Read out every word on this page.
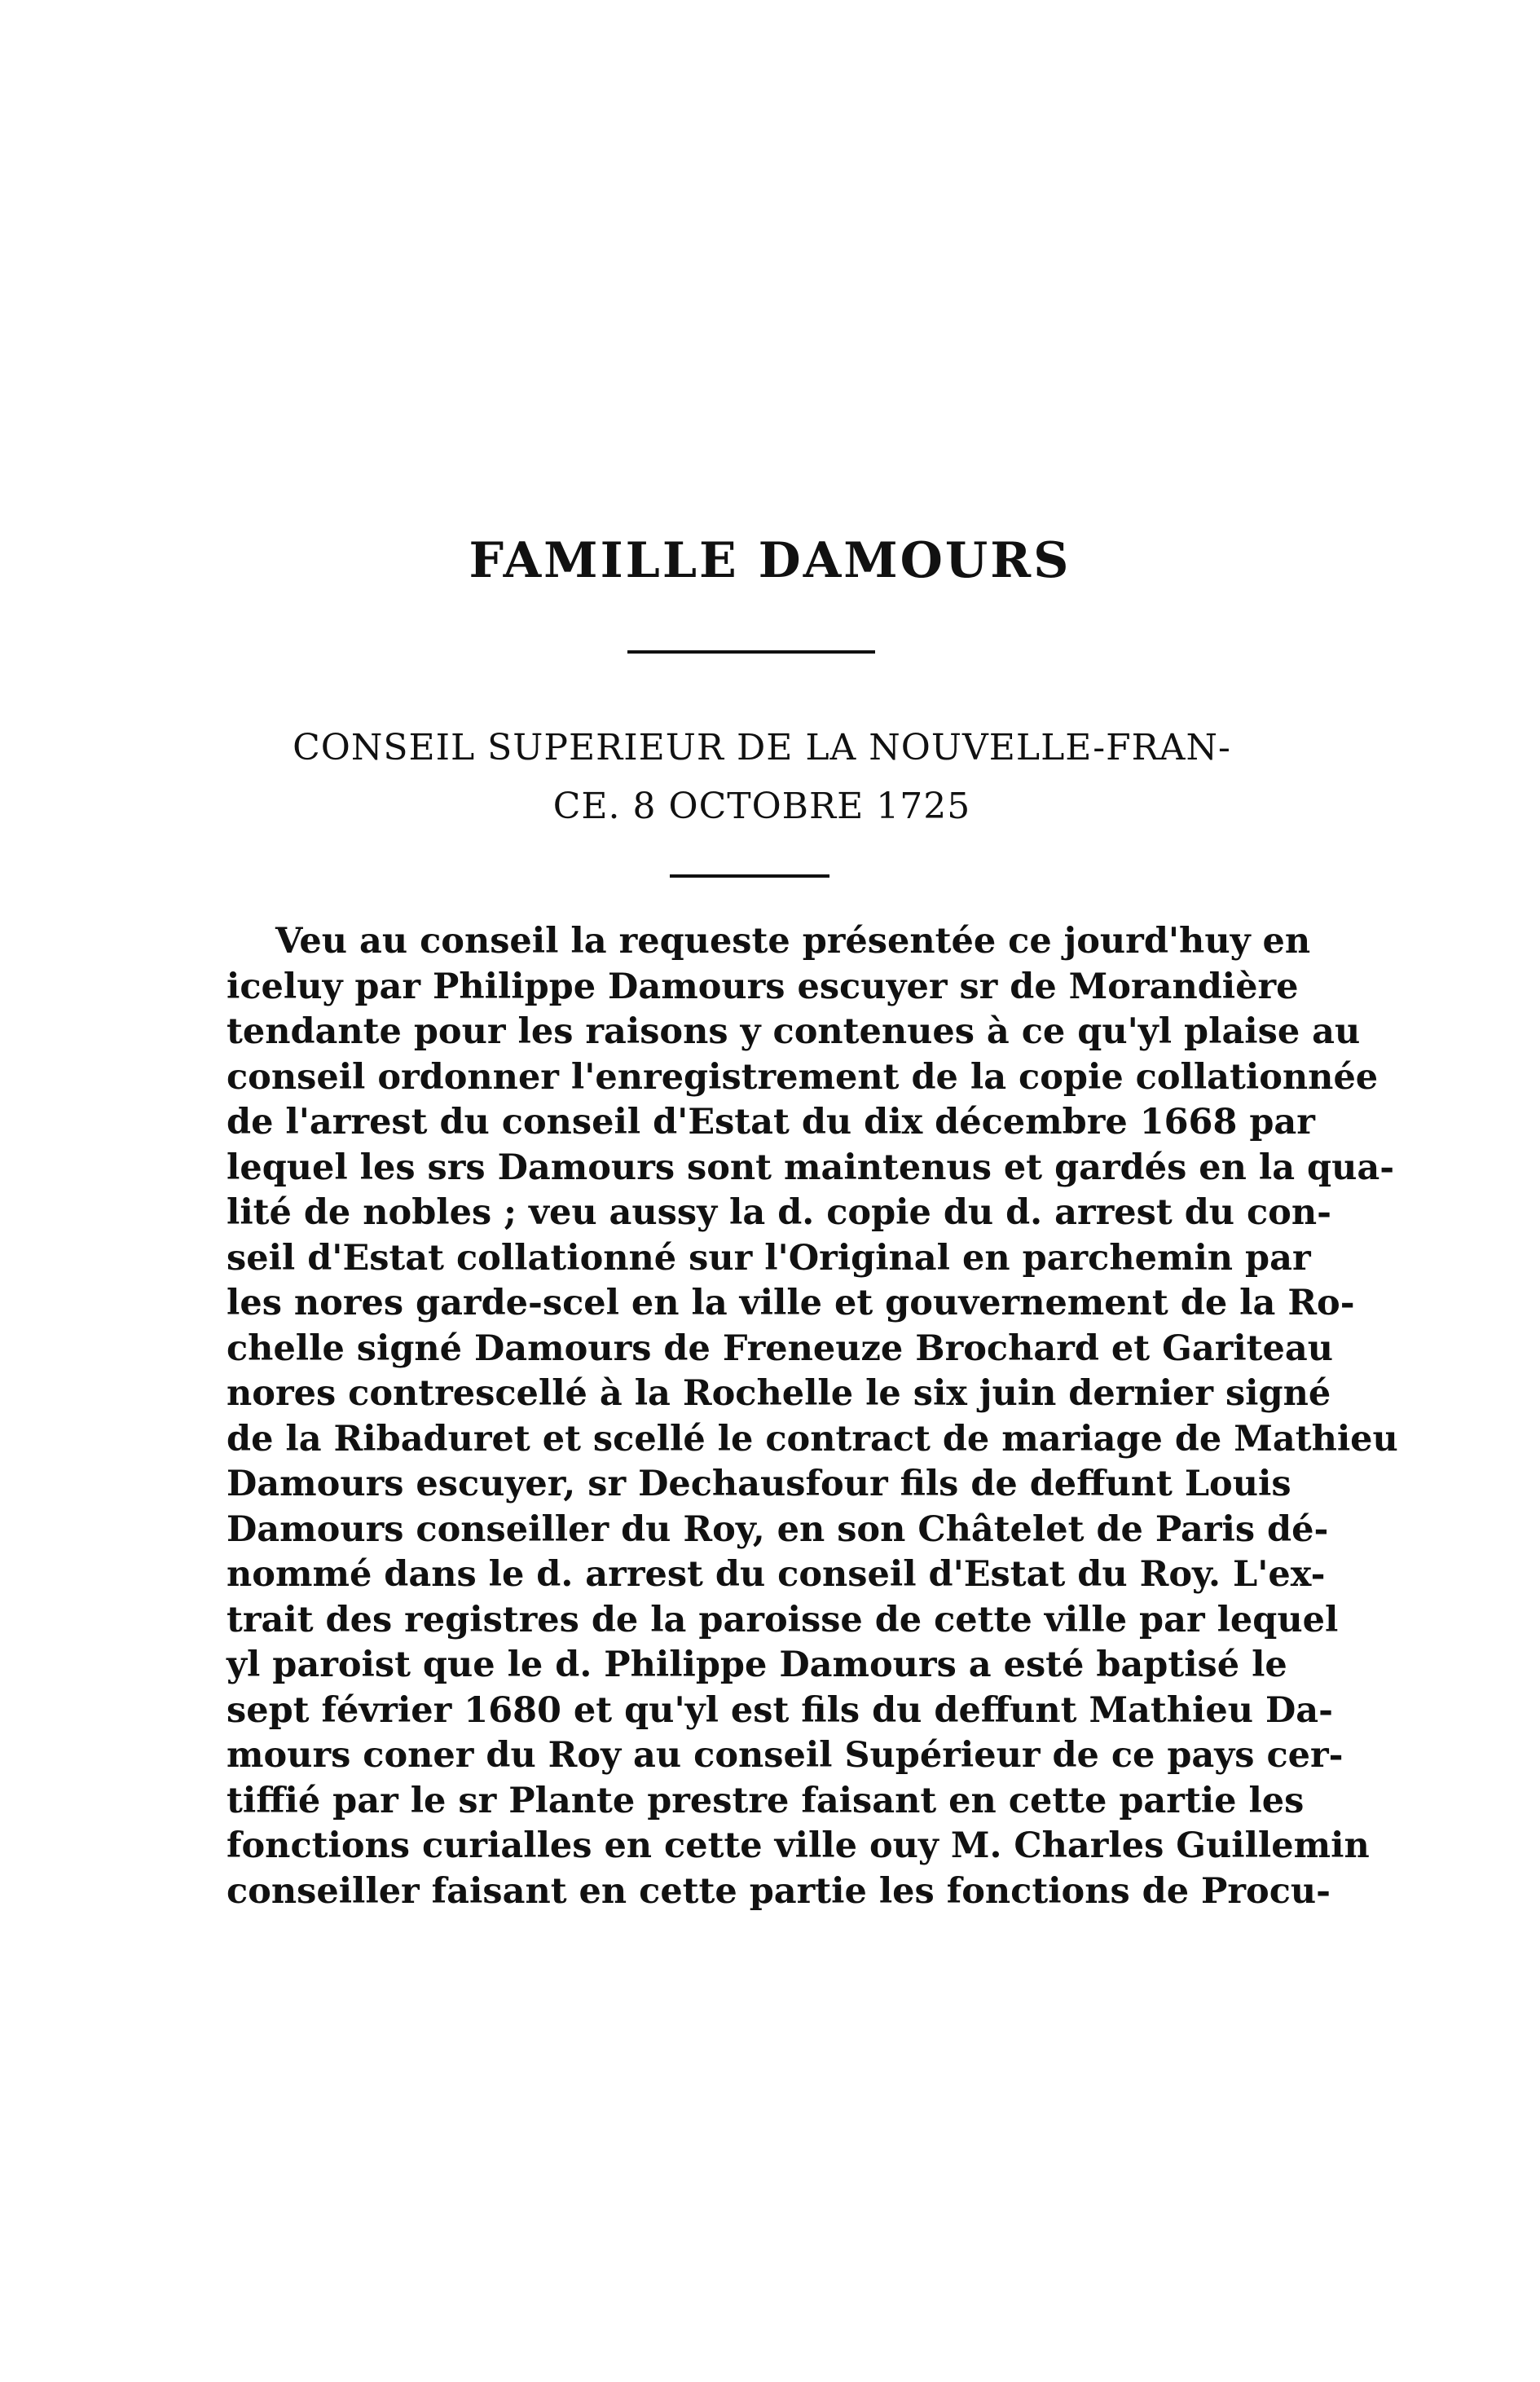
FAMILLE DAMOURS
CONSEIL SUPERIEUR DE LA NOUVELLE-FRAN-
CE. 8 OCTOBRE 1725
Veu au conseil la requeste présentée ce jourd'huy en
iceluy par Philippe Damours escuyer sr de Morandière
tendante pour les raisons y contenues à ce qu'yl plaise au
conseil ordonner l'enregistrement de la copie collationnée
de l'arrest du conseil d'Estat du dix décembre 1668 par
lequel les srs Damours sont maintenus et gardés en la qua-
lité de nobles ; veu aussy la d. copie du d. arrest du con-
seil d'Estat collationné sur l'Original en parchemin par
les nores garde-scel en la ville et gouvernement de la Ro-
chelle signé Damours de Freneuze Brochard et Gariteau
nores contrescellé à la Rochelle le six juin dernier signé
de la Ribaduret et scellé le contract de mariage de Mathieu
Damours escuyer, sr Dechausfour fils de deffunt Louis
Damours conseiller du Roy, en son Châtelet de Paris dé-
nommé dans le d. arrest du conseil d'Estat du Roy. L'ex-
trait des registres de la paroisse de cette ville par lequel
yl paroist que le d. Philippe Damours a esté baptisé le
sept février 1680 et qu'yl est fils du deffunt Mathieu Da-
mours coner du Roy au conseil Supérieur de ce pays cer-
tiffié par le sr Plante prestre faisant en cette partie les
fonctions curialles en cette ville ouy M. Charles Guillemin
conseiller faisant en cette partie les fonctions de Procu-
